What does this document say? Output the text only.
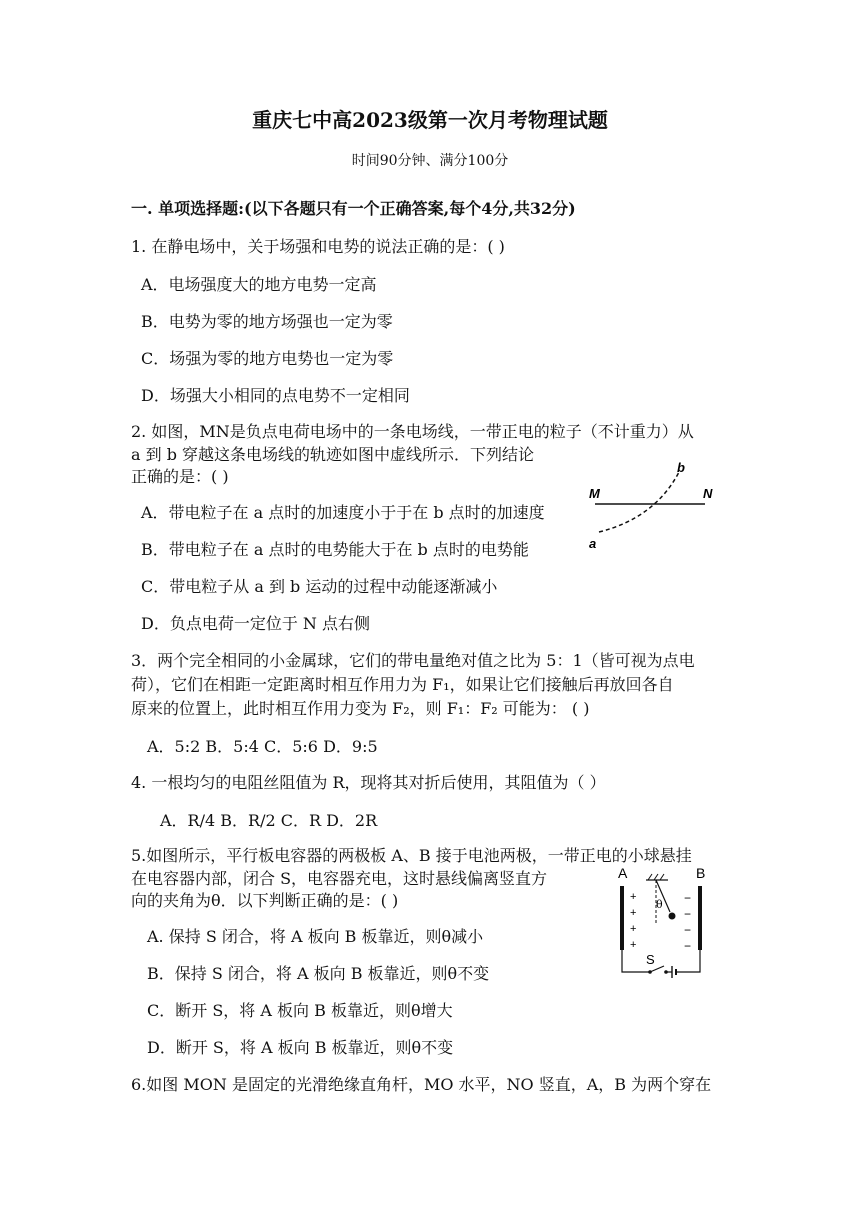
重庆七中高2023级第一次月考物理试题
时间90分钟、满分100分
一. 单项选择题:(以下各题只有一个正确答案,每个4分,共32分)
1. 在静电场中，关于场强和电势的说法正确的是：( )
A．电场强度大的地方电势一定高
B．电势为零的地方场强也一定为零
C．场强为零的地方电势也一定为零
D．场强大小相同的点电势不一定相同
2. 如图，MN是负点电荷电场中的一条电场线，一带正电的粒子（不计重力）从
a 到 b 穿越这条电场线的轨迹如图中虚线所示．下列结论
正确的是：( )
A．带电粒子在 a 点时的加速度小于于在 b 点时的加速度
B．带电粒子在 a 点时的电势能大于在 b 点时的电势能
C．带电粒子从 a 到 b 运动的过程中动能逐渐减小
D．负点电荷一定位于 N 点右侧
M	N
a
b
3．两个完全相同的小金属球，它们的带电量绝对值之比为 5：1（皆可视为点电
荷），它们在相距一定距离时相互作用力为 F₁，如果让它们接触后再放回各自
原来的位置上，此时相互作用力变为 F₂，则 F₁：F₂ 可能为： ( )
A．5:2 B．5:4 C．5:6 D．9:5
4. 一根均匀的电阻丝阻值为 R，现将其对折后使用，其阻值为（ ）
A．R/4 B．R/2 C．R D．2R
5.如图所示，平行板电容器的两极板 A、B 接于电池两极，一带正电的小球悬挂
在电容器内部，闭合 S，电容器充电，这时悬线偏离竖直方
向的夹角为θ．以下判断正确的是：( )
A. 保持 S 闭合，将 A 板向 B 板靠近，则θ减小
B．保持 S 闭合，将 A 板向 B 板靠近，则θ不变
C．断开 S，将 A 板向 B 板靠近，则θ增大
D．断开 S，将 A 板向 B 板靠近，则θ不变
A	B
+
+
+
+
−
−
−
−
θ
S
6.如图 MON 是固定的光滑绝缘直角杆，MO 水平，NO 竖直，A，B 为两个穿在
